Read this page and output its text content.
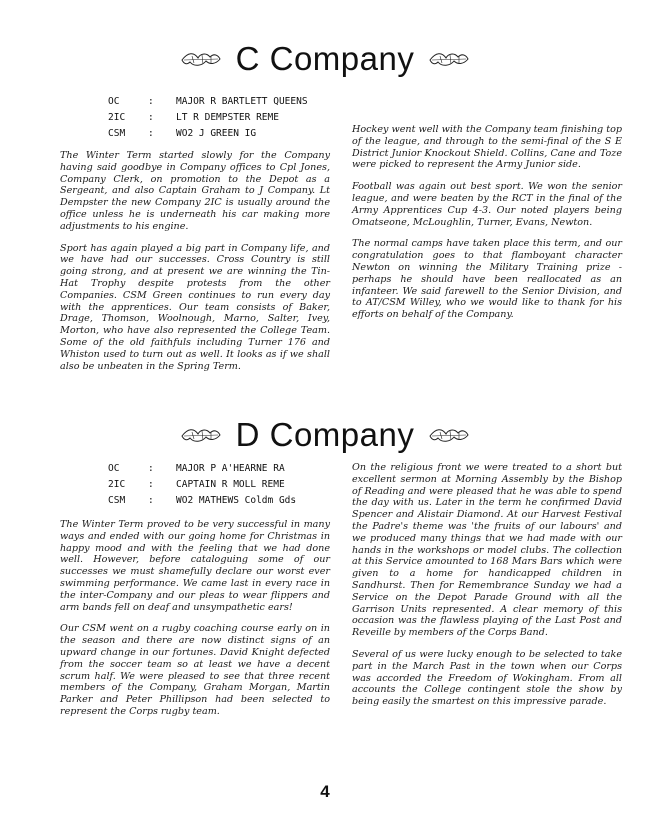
C Company
OC	:	MAJOR R BARTLETT QUEENS
2IC	:	LT R DEMPSTER REME
CSM	:	WO2 J GREEN IG

The Winter Term started slowly for the Company having said goodbye in Company offices to Cpl Jones, Company Clerk, on promotion to the Depot as a Sergeant, and also Captain Graham to J Company. Lt Dempster the new Company 2IC is usually around the office unless he is underneath his car making more adjustments to his engine.

Sport has again played a big part in Company life, and we have had our successes. Cross Country is still going strong, and at present we are winning the Tin-Hat Trophy despite protests from the other Companies. CSM Green continues to run every day with the apprentices. Our team consists of Baker, Drage, Thomson, Woolnough, Marno, Salter, Ivey, Morton, who have also represented the College Team. Some of the old faithfuls including Turner 176 and Whiston used to turn out as well. It looks as if we shall also be unbeaten in the Spring Term.

Hockey went well with the Company team finishing top of the league, and through to the semi-final of the S E District Junior Knockout Shield. Collins, Cane and Toze were picked to represent the Army Junior side.

Football was again out best sport. We won the senior league, and were beaten by the RCT in the final of the Army Apprentices Cup 4-3. Our noted players being Omatseone, McLoughlin, Turner, Evans, Newton.

The normal camps have taken place this term, and our congratulation goes to that flamboyant character Newton on winning the Military Training prize - perhaps he should have been reallocated as an infanteer. We said farewell to the Senior Division, and to AT/CSM Willey, who we would like to thank for his efforts on behalf of the Company.

D Company
OC	:	MAJOR P A'HEARNE RA
2IC	:	CAPTAIN R MOLL REME
CSM	:	WO2 MATHEWS Coldm Gds

The Winter Term proved to be very successful in many ways and ended with our going home for Christmas in happy mood and with the feeling that we had done well. However, before cataloguing some of our successes we must shamefully declare our worst ever swimming performance. We came last in every race in the inter-Company and our pleas to wear flippers and arm bands fell on deaf and unsympathetic ears!

Our CSM went on a rugby coaching course early on in the season and there are now distinct signs of an upward change in our fortunes. David Knight defected from the soccer team so at least we have a decent scrum half. We were pleased to see that three recent members of the Company, Graham Morgan, Martin Parker and Peter Phillipson had been selected to represent the Corps rugby team.

On the religious front we were treated to a short but excellent sermon at Morning Assembly by the Bishop of Reading and were pleased that he was able to spend the day with us. Later in the term he confirmed David Spencer and Alistair Diamond. At our Harvest Festival the Padre's theme was 'the fruits of our labours' and we produced many things that we had made with our hands in the workshops or model clubs. The collection at this Service amounted to 168 Mars Bars which were given to a home for handicapped children in Sandhurst. Then for Remembrance Sunday we had a Service on the Depot Parade Ground with all the Garrison Units represented. A clear memory of this occasion was the flawless playing of the Last Post and Reveille by members of the Corps Band.

Several of us were lucky enough to be selected to take part in the March Past in the town when our Corps was accorded the Freedom of Wokingham. From all accounts the College contingent stole the show by being easily the smartest on this impressive parade.

4
